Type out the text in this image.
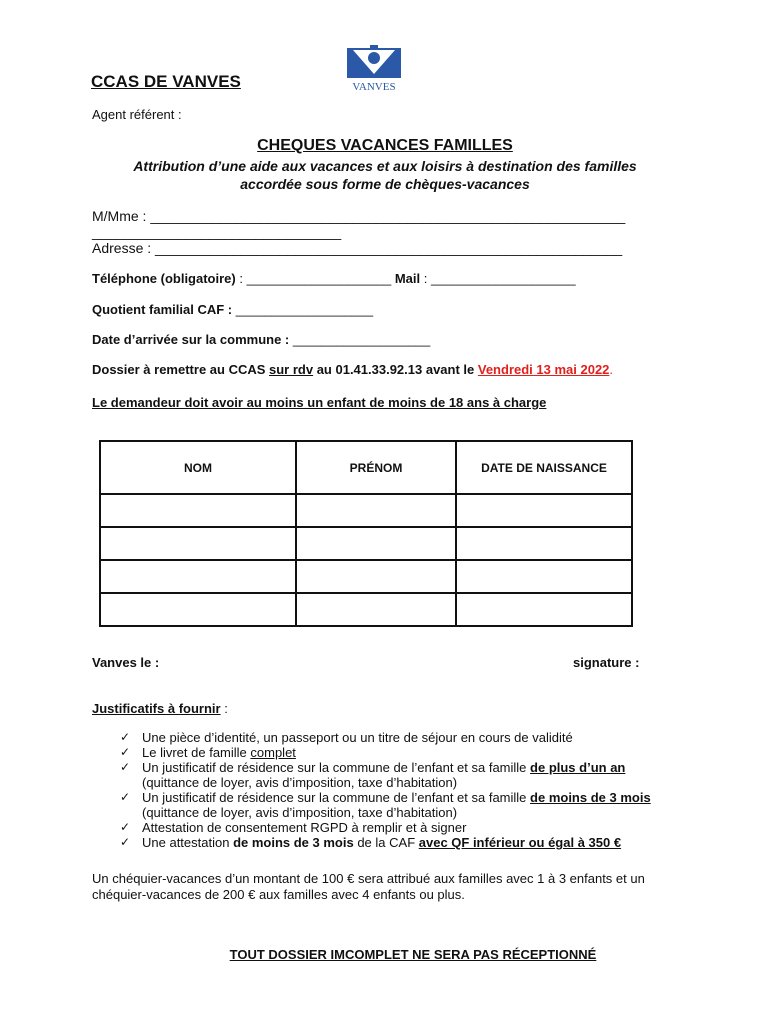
CCAS DE VANVES	VANVES
Agent référent :
CHEQUES VACANCES FAMILLES
Attribution d’une aide aux vacances et aux loisirs à destination des familles
accordée sous forme de chèques-vacances
M/Mme : _____________________________________________________________
________________________________
Adresse : ____________________________________________________________
Téléphone (obligatoire) : ____________________ Mail : ____________________
Quotient familial CAF : ___________________
Date d’arrivée sur la commune : ___________________
Dossier à remettre au CCAS sur rdv au 01.41.33.92.13 avant le Vendredi 13 mai 2022.
Le demandeur doit avoir au moins un enfant de moins de 18 ans à charge
NOM	PRÉNOM	DATE DE NAISSANCE

Vanves le :	signature :
Justificatifs à fournir :
✓ Une pièce d’identité, un passeport ou un titre de séjour en cours de validité
✓ Le livret de famille complet
✓ Un justificatif de résidence sur la commune de l’enfant et sa famille de plus d’un an
(quittance de loyer, avis d’imposition, taxe d’habitation)
✓ Un justificatif de résidence sur la commune de l’enfant et sa famille de moins de 3 mois
(quittance de loyer, avis d’imposition, taxe d’habitation)
✓ Attestation de consentement RGPD à remplir et à signer
✓ Une attestation de moins de 3 mois de la CAF avec QF inférieur ou égal à 350 €
Un chéquier-vacances d’un montant de 100 € sera attribué aux familles avec 1 à 3 enfants et un
chéquier-vacances de 200 € aux familles avec 4 enfants ou plus.
TOUT DOSSIER IMCOMPLET NE SERA PAS RÉCEPTIONNÉ
